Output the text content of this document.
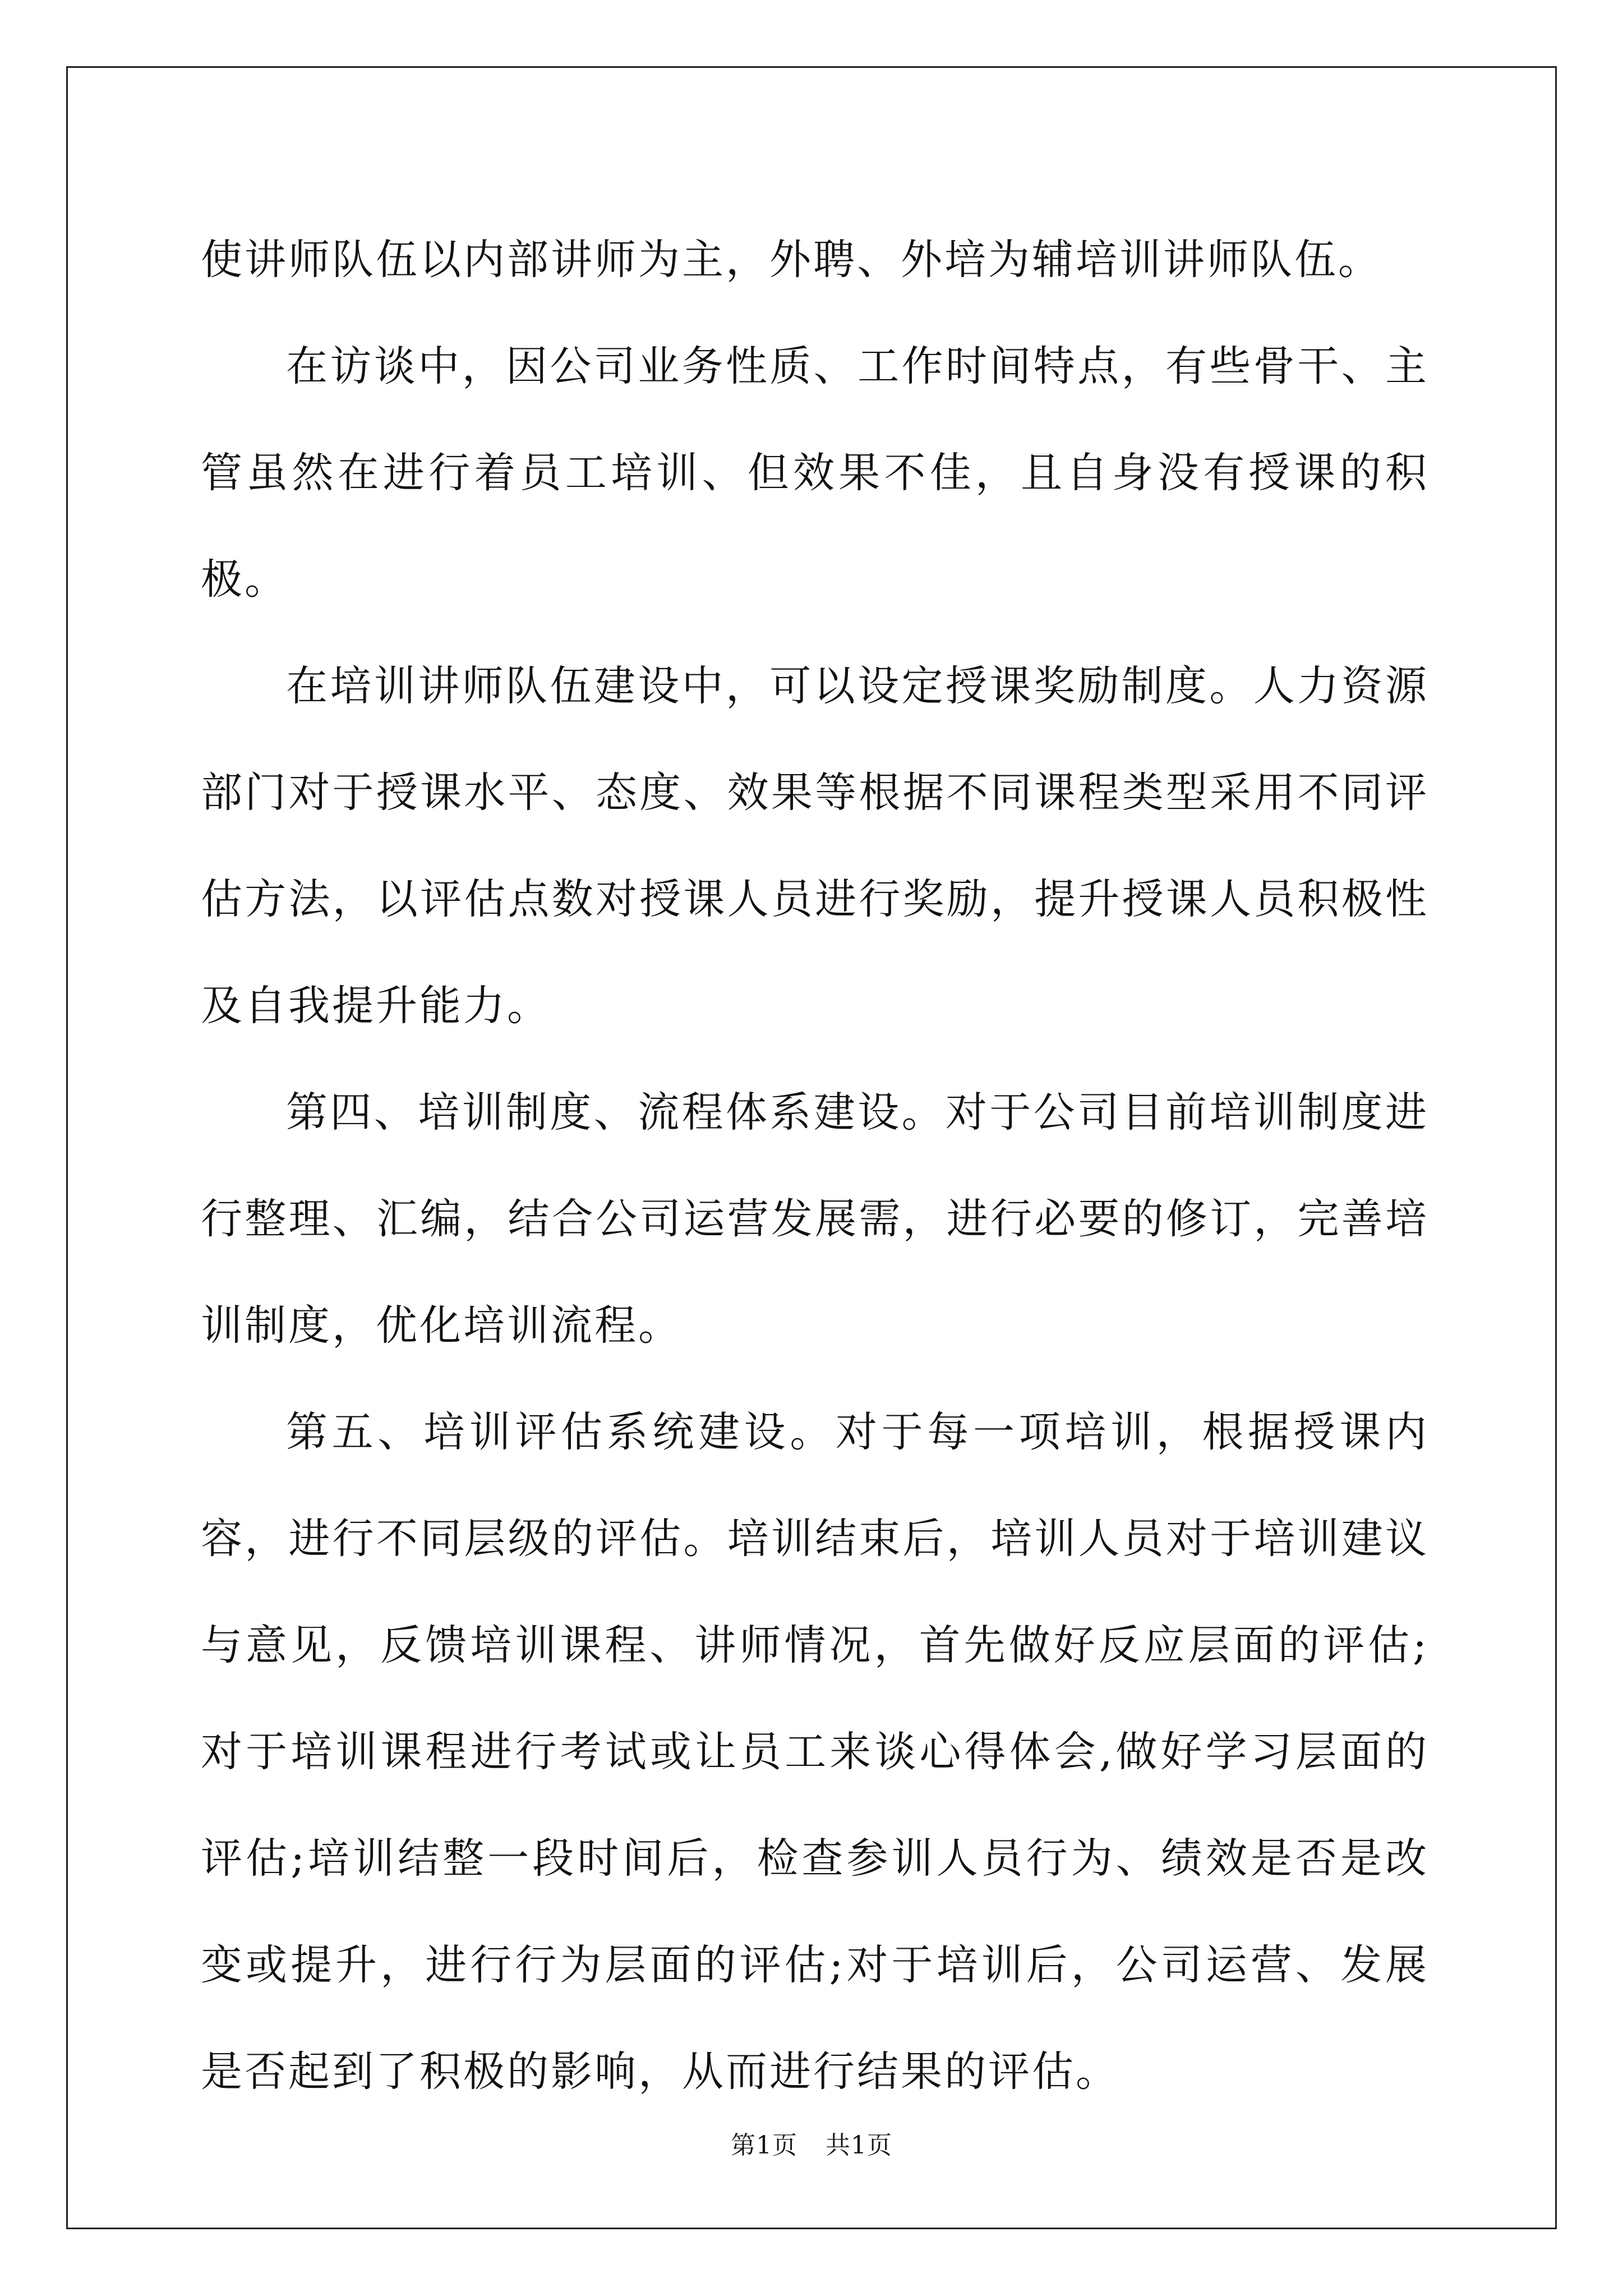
使讲师队伍以内部讲师为主，外聘、外培为辅培训讲师队伍。

在访谈中，因公司业务性质、工作时间特点，有些骨干、主管虽然在进行着员工培训、但效果不佳，且自身没有授课的积极。

在培训讲师队伍建设中，可以设定授课奖励制度。人力资源部门对于授课水平、态度、效果等根据不同课程类型采用不同评估方法，以评估点数对授课人员进行奖励，提升授课人员积极性及自我提升能力。

第四、培训制度、流程体系建设。对于公司目前培训制度进行整理、汇编，结合公司运营发展需，进行必要的修订，完善培训制度，优化培训流程。

第五、培训评估系统建设。对于每一项培训，根据授课内容，进行不同层级的评估。培训结束后，培训人员对于培训建议与意见，反馈培训课程、讲师情况，首先做好反应层面的评估;对于培训课程进行考试或让员工来谈心得体会,做好学习层面的评估;培训结整一段时间后，检查参训人员行为、绩效是否是改变或提升，进行行为层面的评估;对于培训后，公司运营、发展是否起到了积极的影响，从而进行结果的评估。

第1页 共1页
